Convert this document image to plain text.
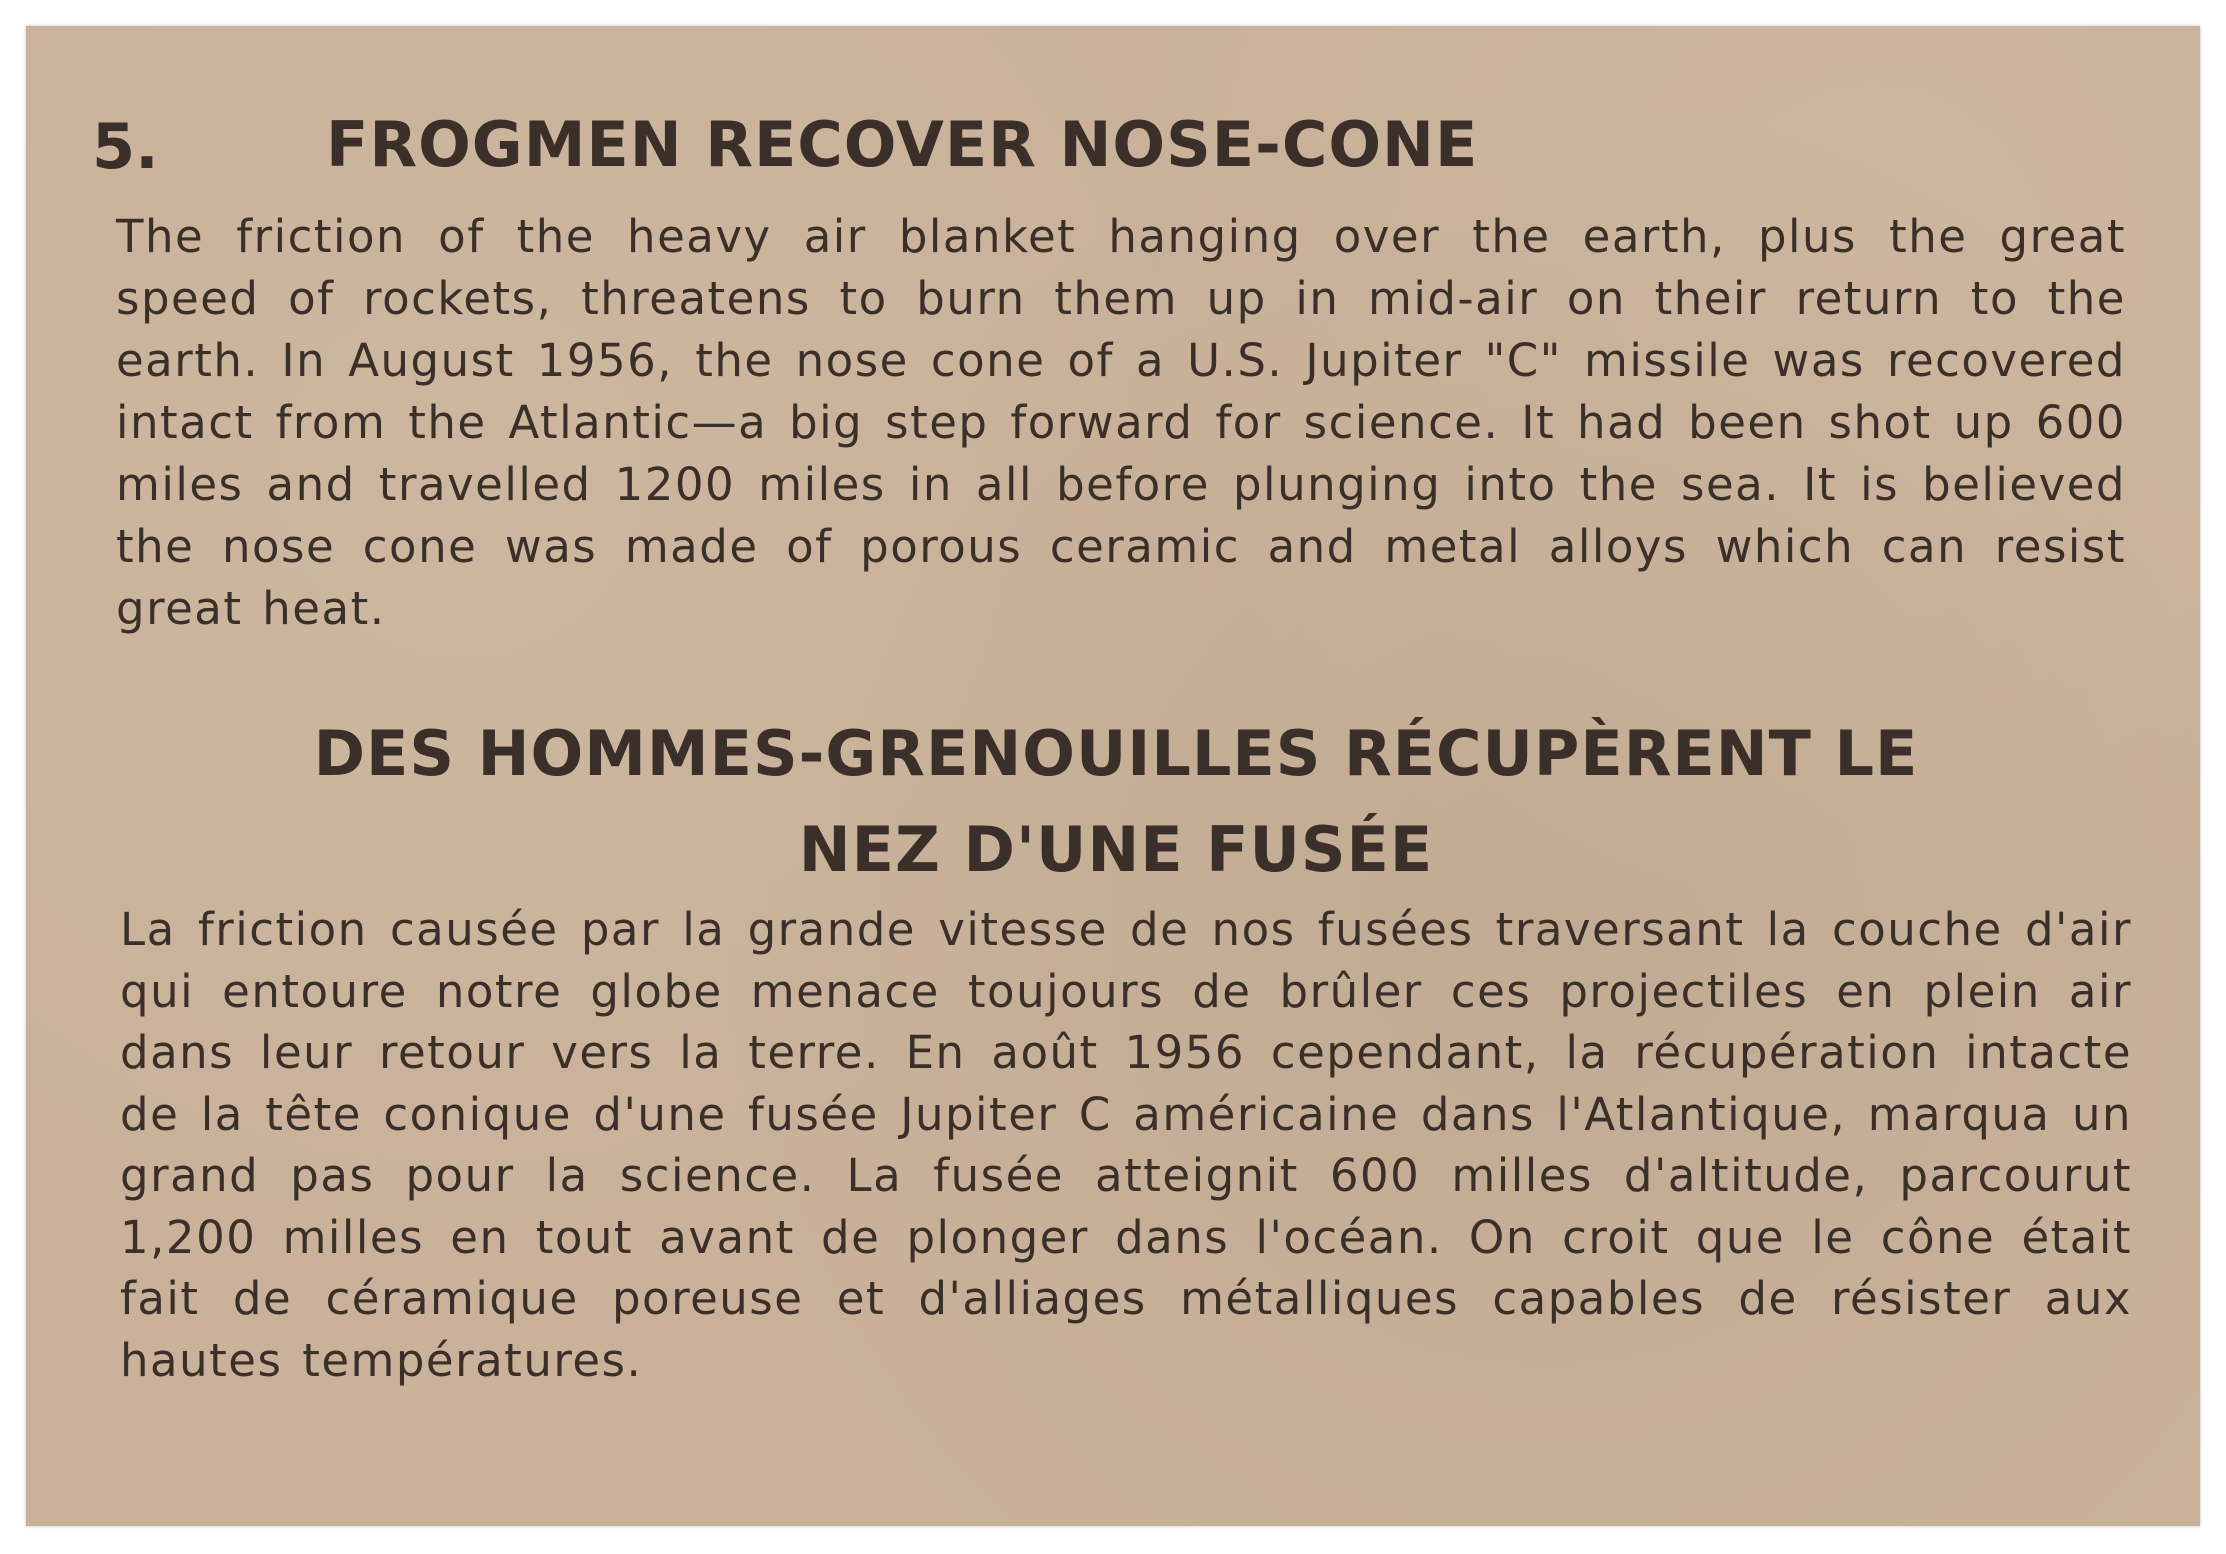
5.	FROGMEN RECOVER NOSE-CONE
The friction of the heavy air blanket hanging over the earth, plus the great speed of rockets, threatens to burn them up in mid-air on their return to the earth. In August 1956, the nose cone of a U.S. Jupiter "C" missile was recovered intact from the Atlantic—a big step forward for science. It had been shot up 600 miles and travelled 1200 miles in all before plunging into the sea. It is believed the nose cone was made of porous ceramic and metal alloys which can resist great heat.
DES HOMMES-GRENOUILLES RÉCUPÈRENT LE
NEZ D'UNE FUSÉE
La friction causée par la grande vitesse de nos fusées traversant la couche d'air qui entoure notre globe menace toujours de brûler ces projectiles en plein air dans leur retour vers la terre. En août 1956 cependant, la récupération intacte de la tête conique d'une fusée Jupiter C américaine dans l'Atlantique, marqua un grand pas pour la science. La fusée atteignit 600 milles d'altitude, parcourut 1,200 milles en tout avant de plonger dans l'océan. On croit que le cône était fait de céramique poreuse et d'alliages métalliques capables de résister aux hautes températures.
